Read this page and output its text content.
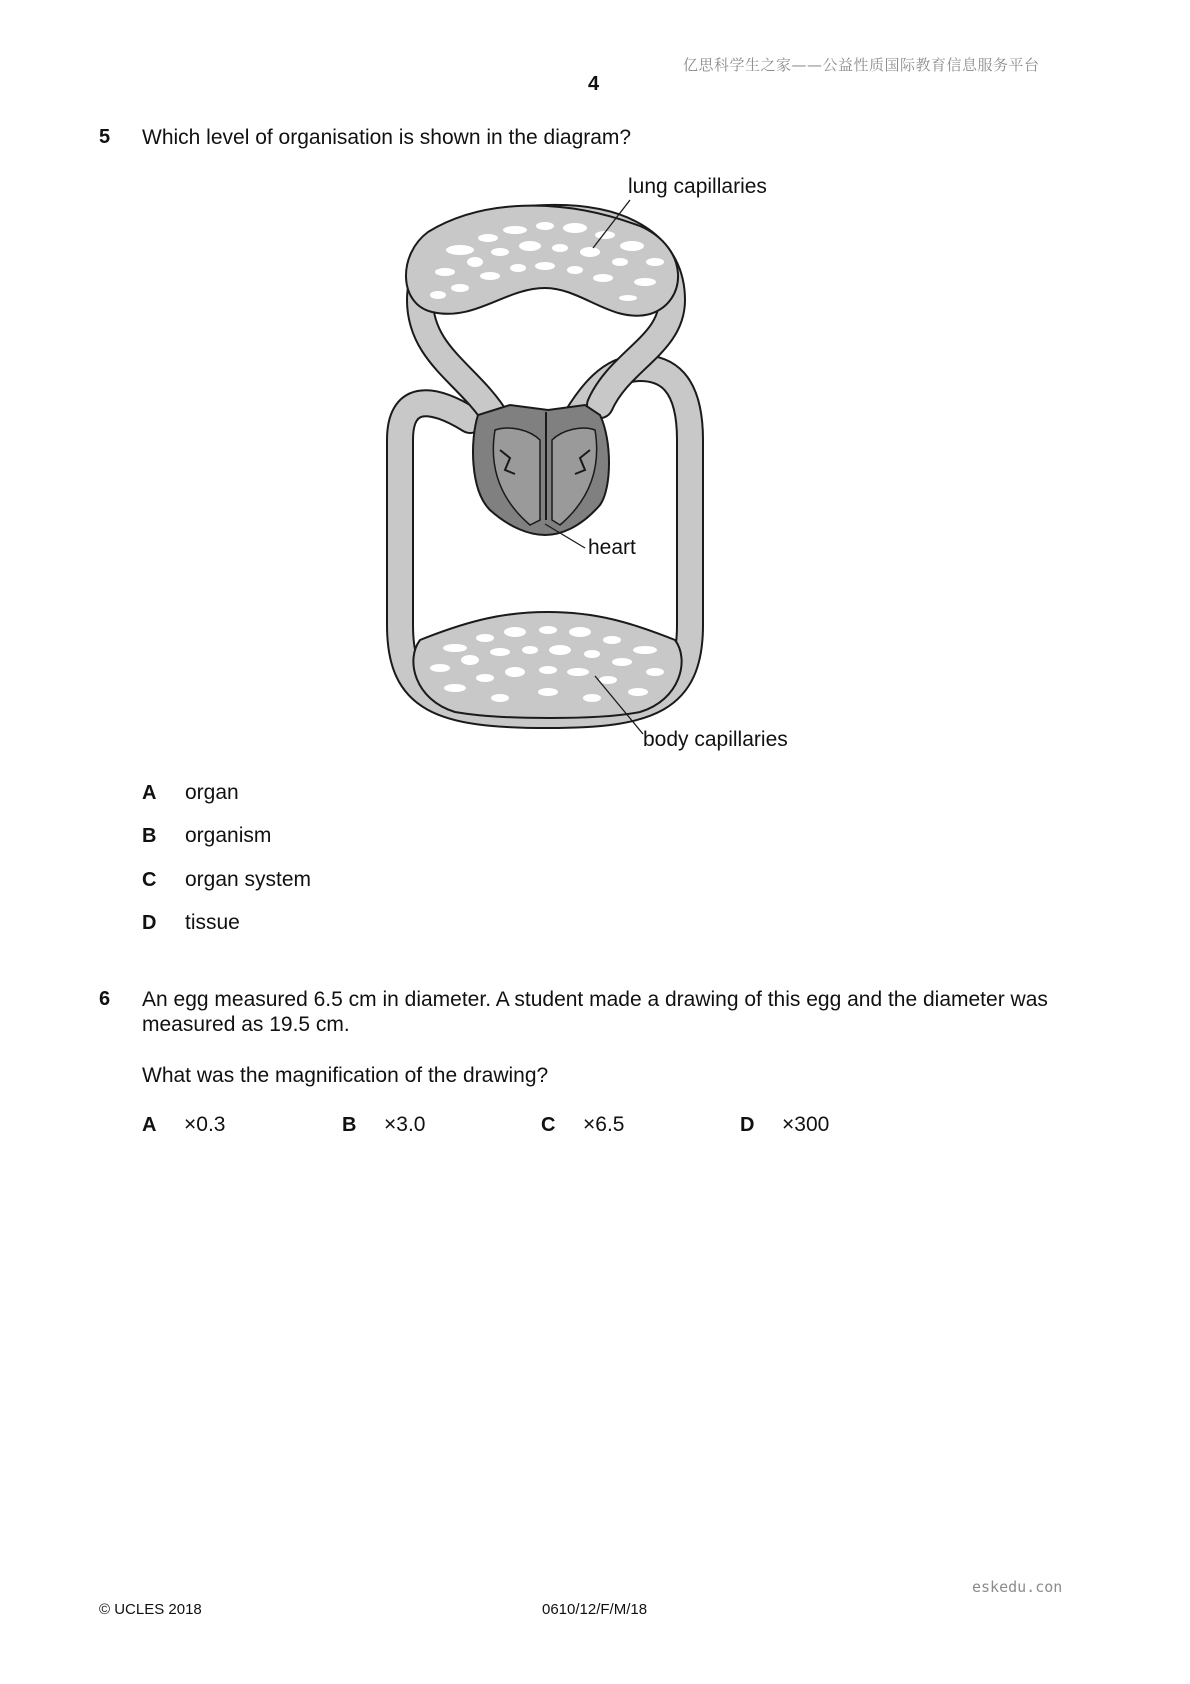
亿思科学生之家——公益性质国际教育信息服务平台
4
5 Which level of organisation is shown in the diagram?
lung capillaries
heart
body capillaries
A organ
B organism
C organ system
D tissue
6 An egg measured 6.5 cm in diameter. A student made a drawing of this egg and the diameter was
measured as 19.5 cm.
What was the magnification of the drawing?
A ×0.3	B ×3.0	C ×6.5	D ×300
eskedu.con
© UCLES 2018	0610/12/F/M/18
